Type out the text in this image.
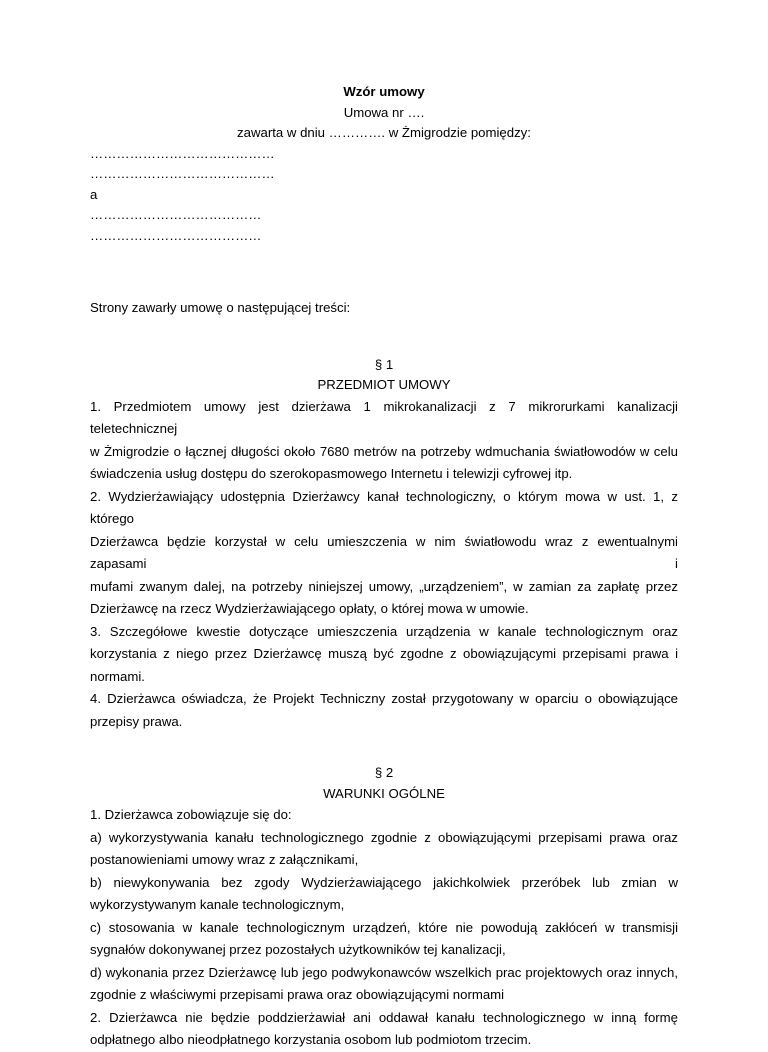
Wzór umowy
Umowa nr ….
zawarta w dniu …………. w Żmigrodzie pomiędzy:
……………………………………
……………………………………
a
…………………………………
…………………………………
Strony zawarły umowę o następującej treści:
§ 1
PRZEDMIOT UMOWY
1. Przedmiotem umowy jest dzierżawa 1 mikrokanalizacji z 7 mikrorurkami kanalizacji teletechnicznej
w Żmigrodzie o łącznej długości około 7680 metrów na potrzeby wdmuchania światłowodów w celu
świadczenia usług dostępu do szerokopasmowego Internetu i telewizji cyfrowej itp.
2. Wydzierżawiający udostępnia Dzierżawcy kanał technologiczny, o którym mowa w ust. 1, z którego
Dzierżawca będzie korzystał w celu umieszczenia w nim światłowodu wraz z ewentualnymi zapasami i
mufami zwanym dalej, na potrzeby niniejszej umowy, „urządzeniem”, w zamian za zapłatę przez
Dzierżawcę na rzecz Wydzierżawiającego opłaty, o której mowa w umowie.
3. Szczegółowe kwestie dotyczące umieszczenia urządzenia w kanale technologicznym oraz
korzystania z niego przez Dzierżawcę muszą być zgodne z obowiązującymi przepisami prawa i
normami.
4. Dzierżawca oświadcza, że Projekt Techniczny został przygotowany w oparciu o obowiązujące
przepisy prawa.
§ 2
WARUNKI OGÓLNE
1. Dzierżawca zobowiązuje się do:
a) wykorzystywania kanału technologicznego zgodnie z obowiązującymi przepisami prawa oraz
postanowieniami umowy wraz z załącznikami,
b) niewykonywania bez zgody Wydzierżawiającego jakichkolwiek przeróbek lub zmian w
wykorzystywanym kanale technologicznym,
c) stosowania w kanale technologicznym urządzeń, które nie powodują zakłóceń w transmisji
sygnałów dokonywanej przez pozostałych użytkowników tej kanalizacji,
d) wykonania przez Dzierżawcę lub jego podwykonawców wszelkich prac projektowych oraz innych,
zgodnie z właściwymi przepisami prawa oraz obowiązującymi normami
2. Dzierżawca nie będzie poddzierżawiał ani oddawał kanału technologicznego w inną formę
odpłatnego albo nieodpłatnego korzystania osobom lub podmiotom trzecim.
